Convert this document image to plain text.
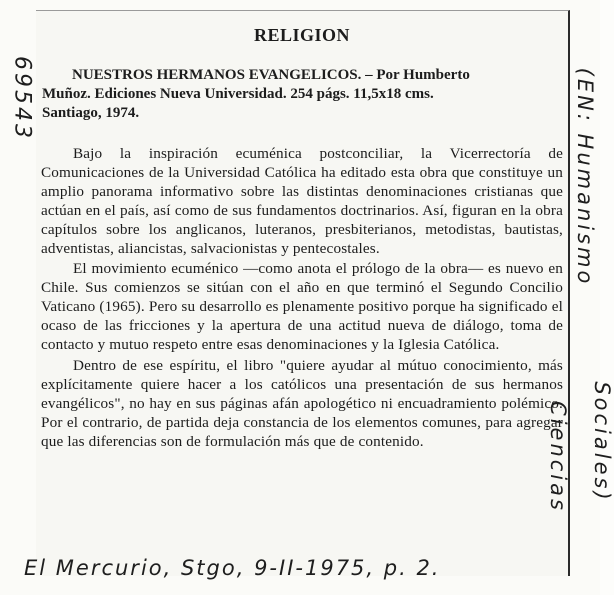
69543
RELIGION
NUESTROS HERMANOS EVANGELICOS. – Por Humberto
Muñoz. Ediciones Nueva Universidad. 254 págs. 11,5x18 cms.
Santiago, 1974.

Bajo la inspiración ecuménica postconciliar, la Vicerrectoría de Comunicaciones de la Universidad Católica ha editado esta obra que constituye un amplio panorama informativo sobre las distintas denominaciones cristianas que actúan en el país, así como de sus fundamentos doctrinarios. Así, figuran en la obra capítulos sobre los anglicanos, luteranos, presbiterianos, metodistas, bautistas, adventistas, aliancistas, salvacionistas y pentecostales.

El movimiento ecuménico —como anota el prólogo de la obra— es nuevo en Chile. Sus comienzos se sitúan con el año en que terminó el Segundo Concilio Vaticano (1965). Pero su desarrollo es plenamente positivo porque ha significado el ocaso de las fricciones y la apertura de una actitud nueva de diálogo, toma de contacto y mutuo respeto entre esas denominaciones y la Iglesia Católica.

Dentro de ese espíritu, el libro "quiere ayudar al mútuo conocimiento, más explícitamente quiere hacer a los católicos una presentación de sus hermanos evangélicos", no hay en sus páginas afán apologético ni encuadramiento polémico. Por el contrario, de partida deja constancia de los elementos comunes, para agregar que las diferencias son de formulación más que de contenido.

(EN: Humanismo
Ciencias Sociales)
El Mercurio, Stgo, 9-II-1975, p. 2.
